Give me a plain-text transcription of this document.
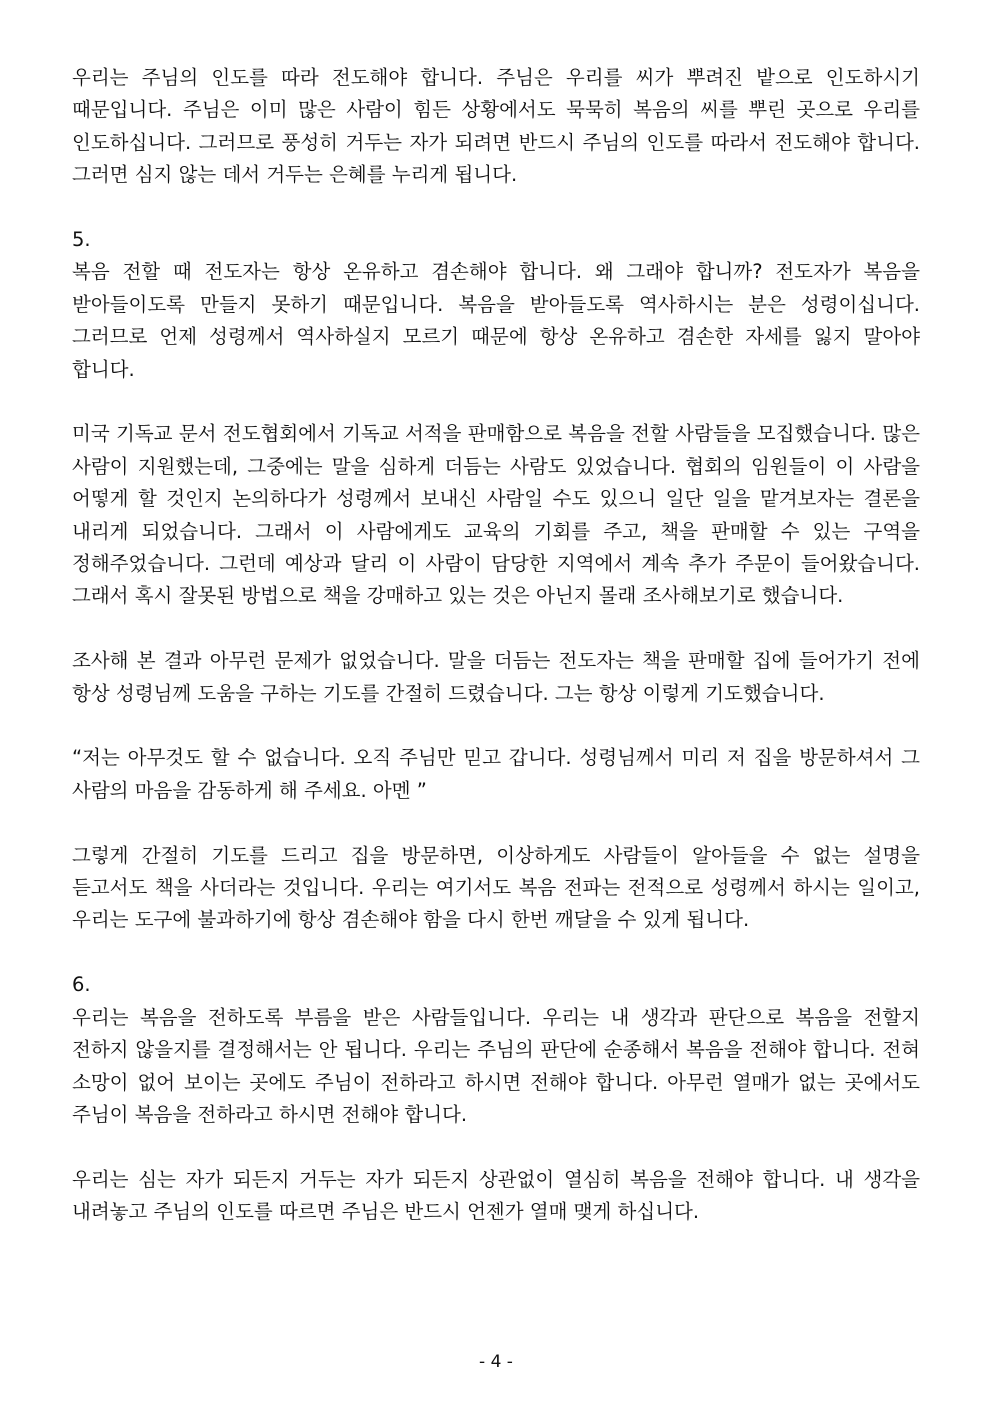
우리는 주님의 인도를 따라 전도해야 합니다. 주님은 우리를 씨가 뿌려진 밭으로 인도하시기 때문입니다. 주님은 이미 많은 사람이 힘든 상황에서도 묵묵히 복음의 씨를 뿌린 곳으로 우리를 인도하십니다. 그러므로 풍성히 거두는 자가 되려면 반드시 주님의 인도를 따라서 전도해야 합니다. 그러면 심지 않는 데서 거두는 은혜를 누리게 됩니다.

5.

복음 전할 때 전도자는 항상 온유하고 겸손해야 합니다. 왜 그래야 합니까? 전도자가 복음을 받아들이도록 만들지 못하기 때문입니다. 복음을 받아들도록 역사하시는 분은 성령이십니다. 그러므로 언제 성령께서 역사하실지 모르기 때문에 항상 온유하고 겸손한 자세를 잃지 말아야 합니다.

미국 기독교 문서 전도협회에서 기독교 서적을 판매함으로 복음을 전할 사람들을 모집했습니다. 많은 사람이 지원했는데, 그중에는 말을 심하게 더듬는 사람도 있었습니다. 협회의 임원들이 이 사람을 어떻게 할 것인지 논의하다가 성령께서 보내신 사람일 수도 있으니 일단 일을 맡겨보자는 결론을 내리게 되었습니다. 그래서 이 사람에게도 교육의 기회를 주고, 책을 판매할 수 있는 구역을 정해주었습니다. 그런데 예상과 달리 이 사람이 담당한 지역에서 계속 추가 주문이 들어왔습니다. 그래서 혹시 잘못된 방법으로 책을 강매하고 있는 것은 아닌지 몰래 조사해보기로 했습니다.

조사해 본 결과 아무런 문제가 없었습니다. 말을 더듬는 전도자는 책을 판매할 집에 들어가기 전에 항상 성령님께 도움을 구하는 기도를 간절히 드렸습니다. 그는 항상 이렇게 기도했습니다.

“저는 아무것도 할 수 없습니다. 오직 주님만 믿고 갑니다. 성령님께서 미리 저 집을 방문하셔서 그 사람의 마음을 감동하게 해 주세요. 아멘 ”

그렇게 간절히 기도를 드리고 집을 방문하면, 이상하게도 사람들이 알아들을 수 없는 설명을 듣고서도 책을 사더라는 것입니다. 우리는 여기서도 복음 전파는 전적으로 성령께서 하시는 일이고, 우리는 도구에 불과하기에 항상 겸손해야 함을 다시 한번 깨달을 수 있게 됩니다.

6.

우리는 복음을 전하도록 부름을 받은 사람들입니다. 우리는 내 생각과 판단으로 복음을 전할지 전하지 않을지를 결정해서는 안 됩니다. 우리는 주님의 판단에 순종해서 복음을 전해야 합니다. 전혀 소망이 없어 보이는 곳에도 주님이 전하라고 하시면 전해야 합니다. 아무런 열매가 없는 곳에서도 주님이 복음을 전하라고 하시면 전해야 합니다.

우리는 심는 자가 되든지 거두는 자가 되든지 상관없이 열심히 복음을 전해야 합니다. 내 생각을 내려놓고 주님의 인도를 따르면 주님은 반드시 언젠가 열매 맺게 하십니다.

- 4 -
